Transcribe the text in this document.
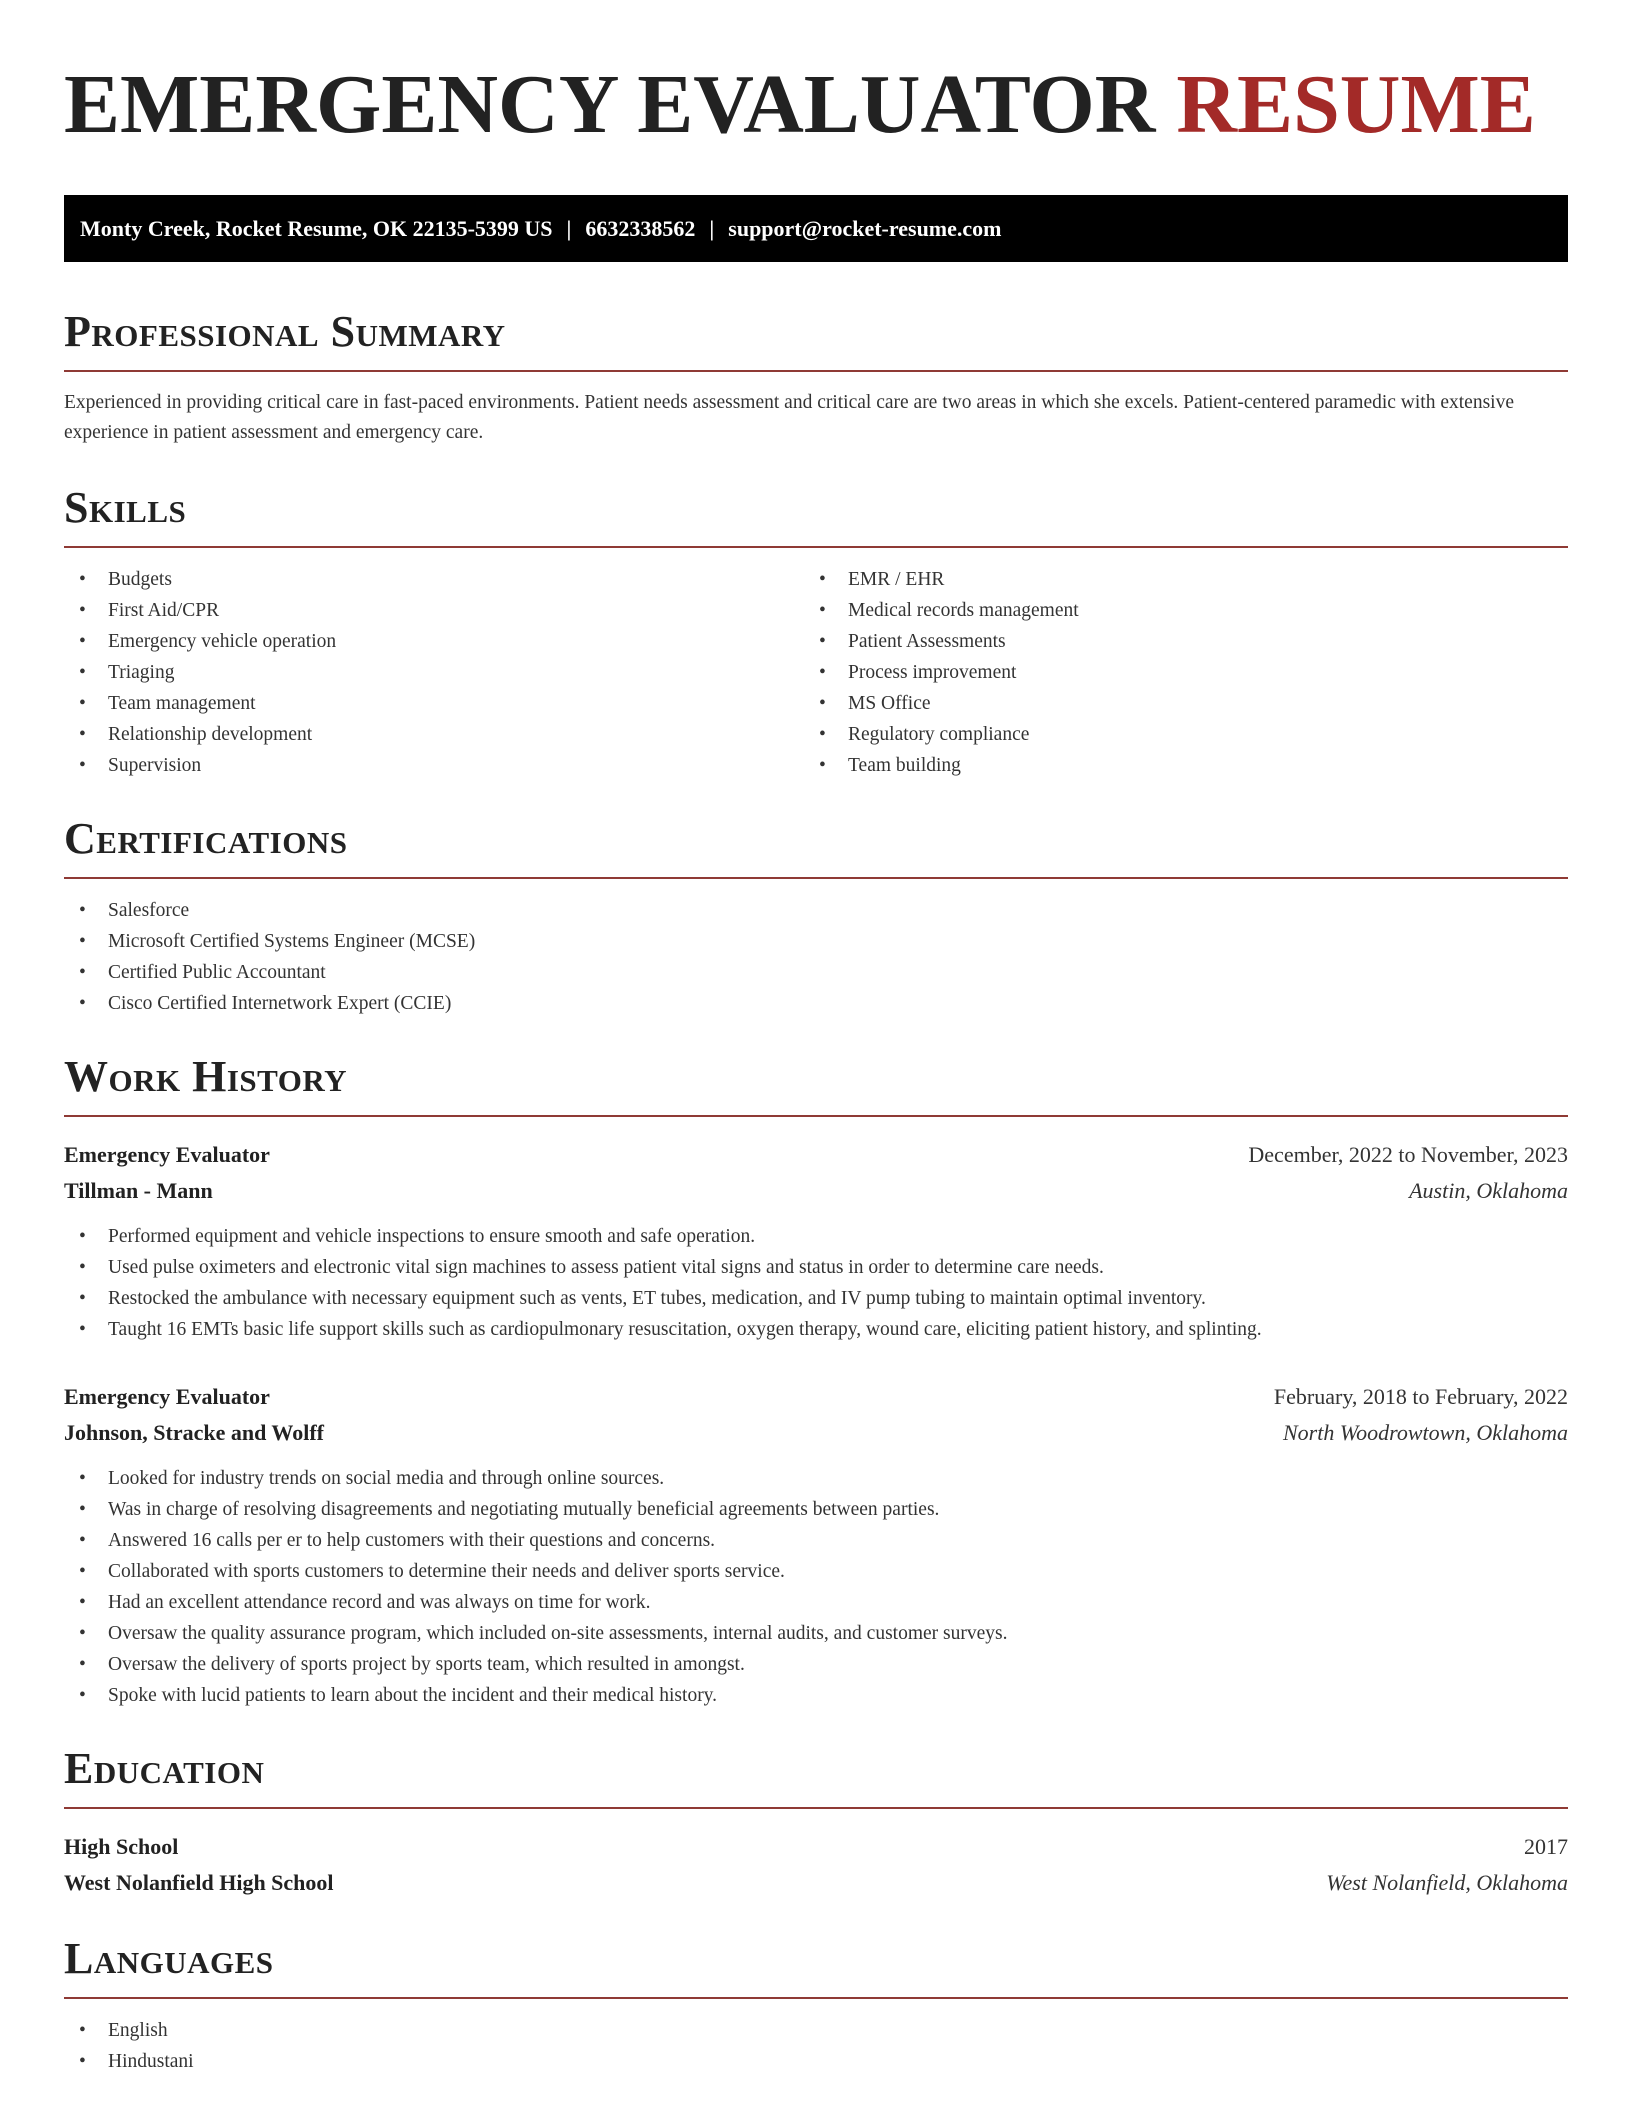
EMERGENCY EVALUATOR RESUME
Monty Creek, Rocket Resume, OK 22135-5399 US | 6632338562 | support@rocket-resume.com
Professional Summary

Experienced in providing critical care in fast-paced environments. Patient needs assessment and critical care are two areas in which she excels. Patient-centered paramedic with extensive experience in patient assessment and emergency care.

Skills
• Budgets
• First Aid/CPR
• Emergency vehicle operation
• Triaging
• Team management
• Relationship development
• Supervision
• EMR / EHR
• Medical records management
• Patient Assessments
• Process improvement
• MS Office
• Regulatory compliance
• Team building
Certifications
• Salesforce
• Microsoft Certified Systems Engineer (MCSE)
• Certified Public Accountant
• Cisco Certified Internetwork Expert (CCIE)
Work History
Emergency Evaluator	December, 2022 to November, 2023
Tillman - Mann	Austin, Oklahoma
• Performed equipment and vehicle inspections to ensure smooth and safe operation.
• Used pulse oximeters and electronic vital sign machines to assess patient vital signs and status in order to determine care needs.
• Restocked the ambulance with necessary equipment such as vents, ET tubes, medication, and IV pump tubing to maintain optimal inventory.
• Taught 16 EMTs basic life support skills such as cardiopulmonary resuscitation, oxygen therapy, wound care, eliciting patient history, and splinting.
Emergency Evaluator	February, 2018 to February, 2022
Johnson, Stracke and Wolff	North Woodrowtown, Oklahoma
• Looked for industry trends on social media and through online sources.
• Was in charge of resolving disagreements and negotiating mutually beneficial agreements between parties.
• Answered 16 calls per er to help customers with their questions and concerns.
• Collaborated with sports customers to determine their needs and deliver sports service.
• Had an excellent attendance record and was always on time for work.
• Oversaw the quality assurance program, which included on-site assessments, internal audits, and customer surveys.
• Oversaw the delivery of sports project by sports team, which resulted in amongst.
• Spoke with lucid patients to learn about the incident and their medical history.
Education
High School	2017
West Nolanfield High School	West Nolanfield, Oklahoma
Languages
• English
• Hindustani
